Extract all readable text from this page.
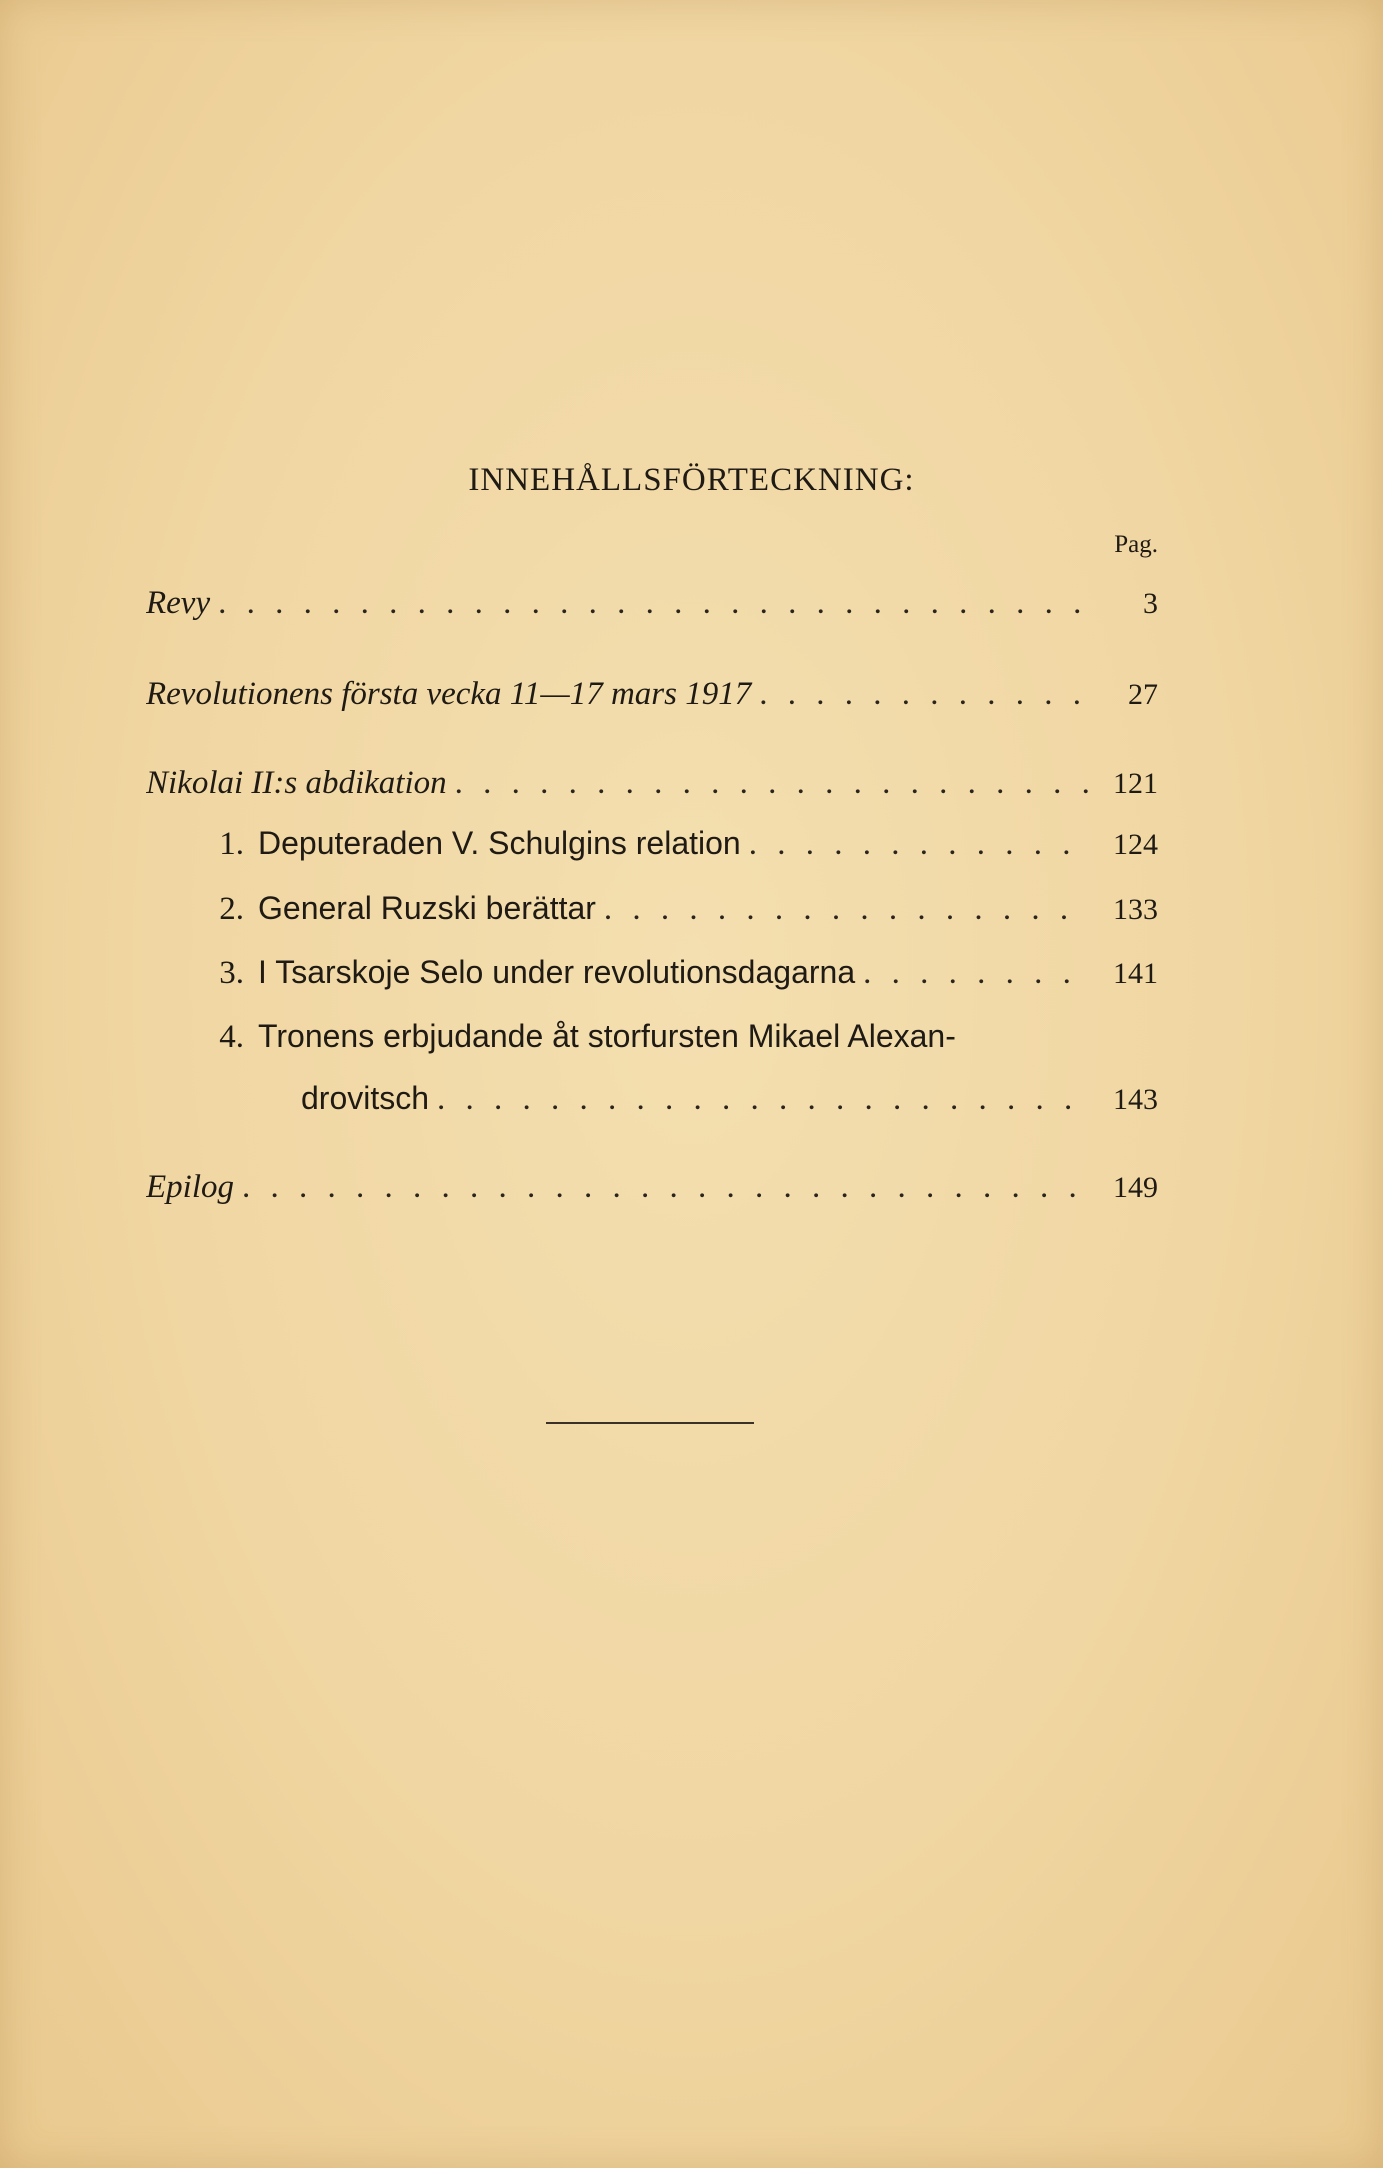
INNEHÅLLSFÖRTECKNING:
Pag.
Revy . . .	3
Revolutionens första vecka 11—17 mars 1917 . . .	27
Nikolai II:s abdikation . . .	121
1. Deputeraden V. Schulgins relation . . .	124
2. General Ruzski berättar . . .	133
3. I Tsarskoje Selo under revolutionsdagarna . . .	141
4. Tronens erbjudande åt storfursten Mikael Alexan-
drovitsch . . .	143
Epilog . . .	149
